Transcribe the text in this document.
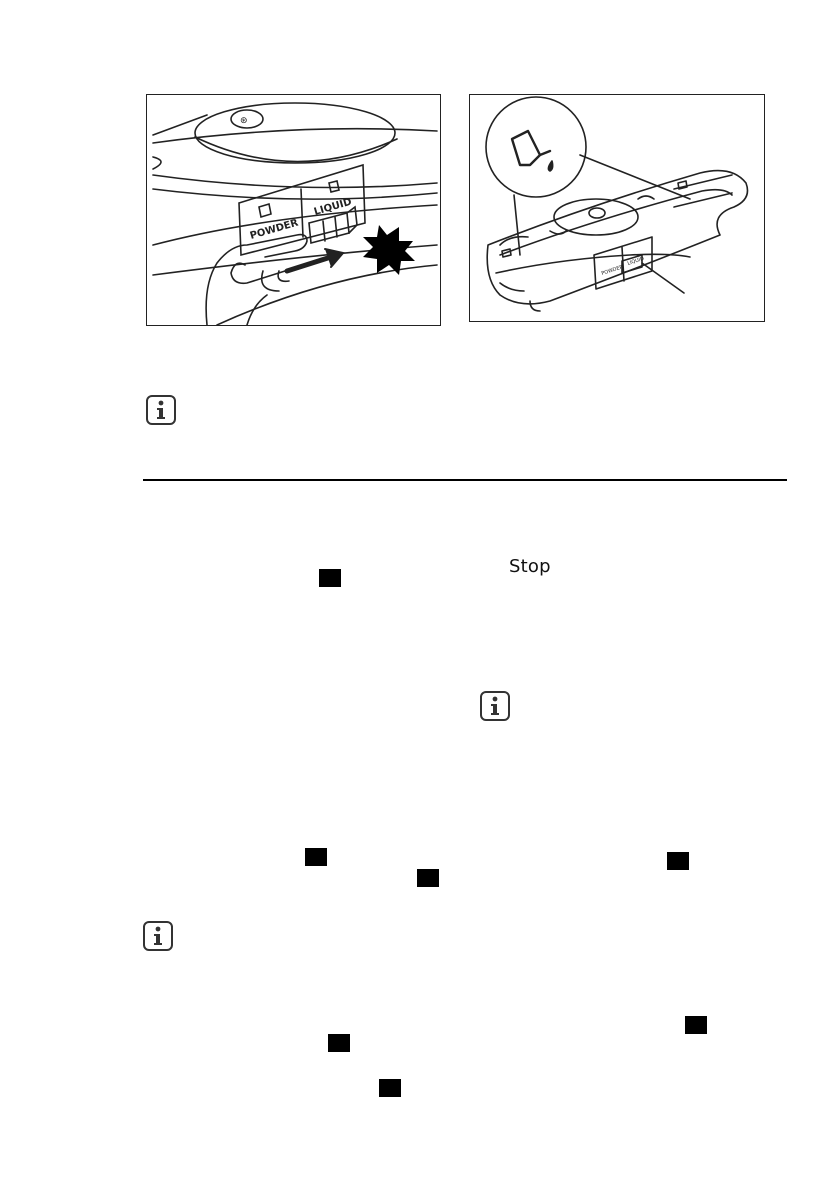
⊛
POWDER
LIQUID
POWDER
LIQUID
Stop
